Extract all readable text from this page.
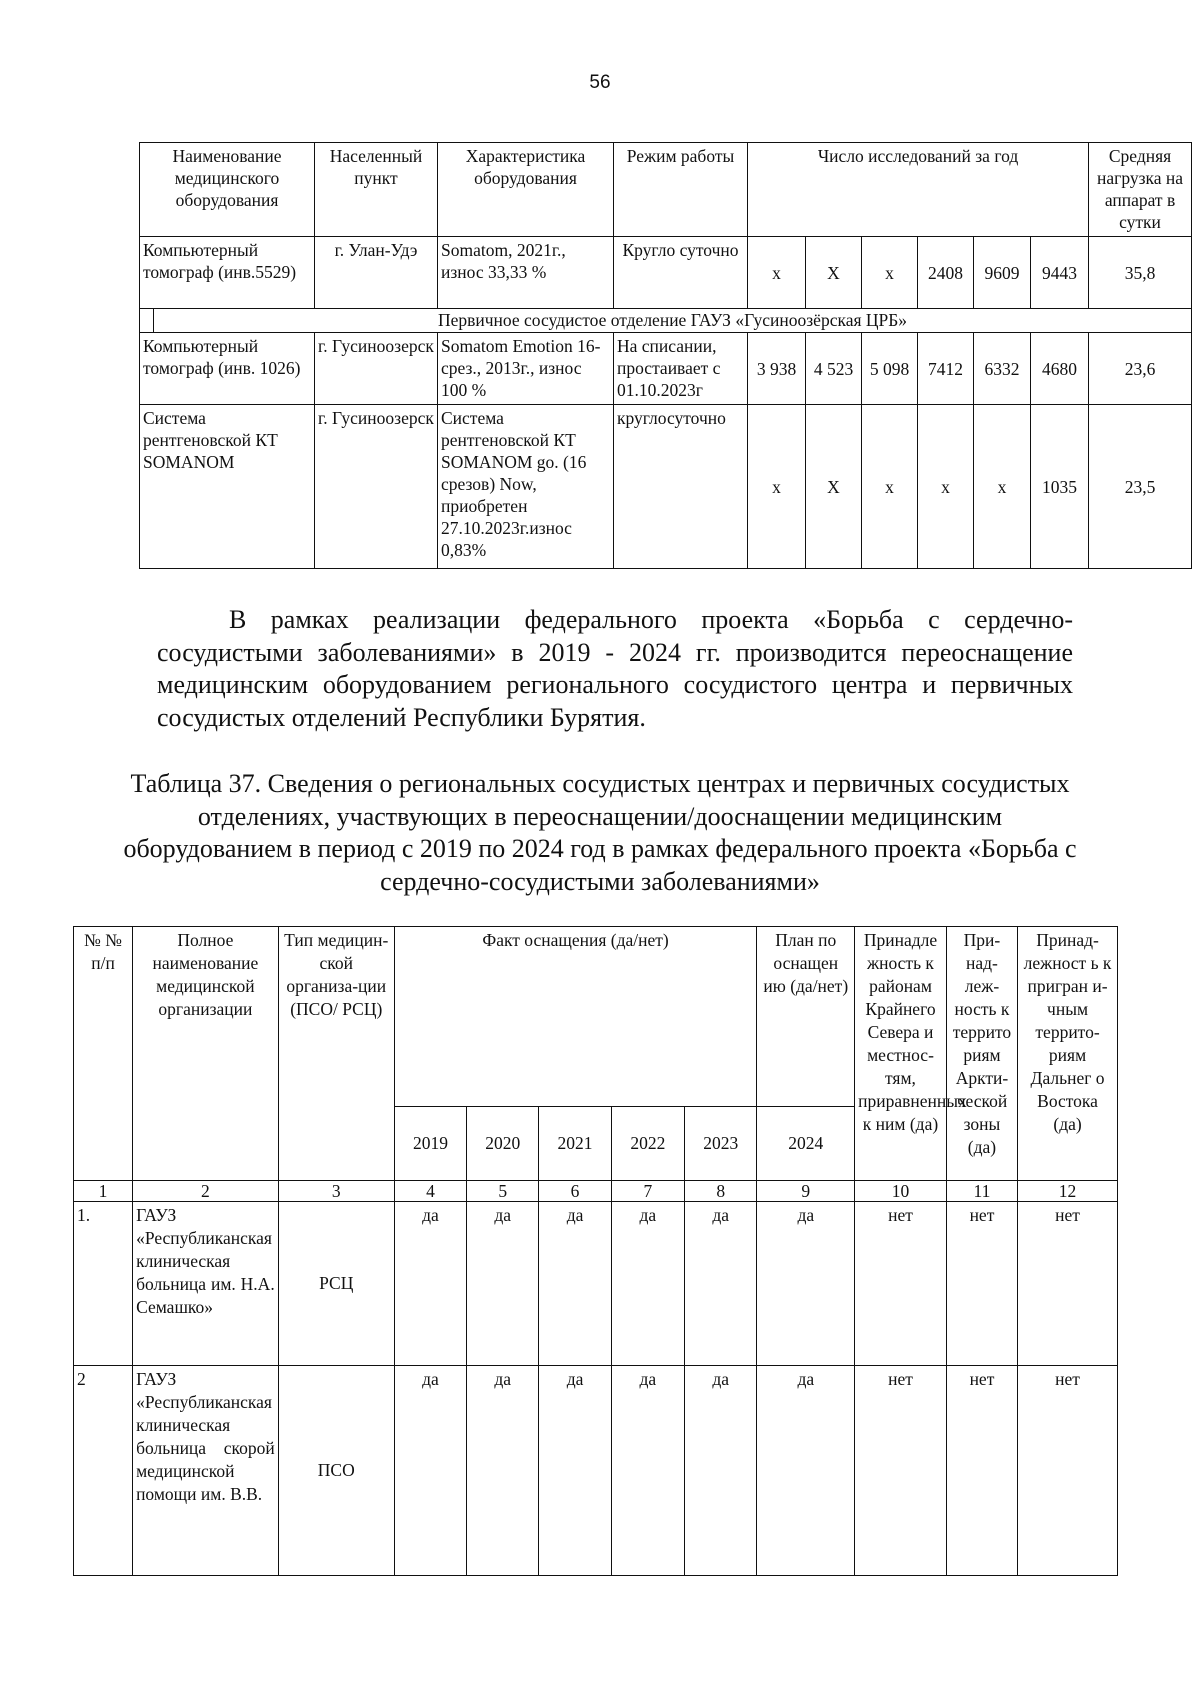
56
Наименование медицинского оборудования		Населенный пункт	Характеристика оборудования	Режим работы	Число исследований за год						Средняя нагрузка на аппарат в сутки
Компьютерный томограф (инв.5529)		г. Улан-Удэ	Somatom, 2021г., износ 33,33 %	Кругло суточно	х	Х	х	2408	9609	9443	35,8
	Первичное сосудистое отделение ГАУЗ «Гусиноозёрская ЦРБ»										
Компьютерный томограф (инв. 1026)		г. Гусиноозерск	Somatom Emotion 16-срез., 2013г., износ 100 %	На списании, простаивает с 01.10.2023г	3 938	4 523	5 098	7412	6332	4680	23,6
Система рентгеновской КТ SOMANOM		г. Гусиноозерск	Система рентгеновской КТ SOMANOM go. (16 срезов) Now, приобретен 27.10.2023г.износ 0,83%	круглосуточно	х	Х	х	х	х	1035	23,5

В рамках реализации федерального проекта «Борьба с сердечно-сосудистыми заболеваниями» в 2019 - 2024 гг. производится переоснащение медицинским оборудованием регионального сосудистого центра и первичных сосудистых отделений Республики Бурятия.

Таблица 37. Сведения о региональных сосудистых центрах и первичных сосудистых отделениях, участвующих в переоснащении/дооснащении медицинским оборудованием в период с 2019 по 2024 год в рамках федерального проекта «Борьба с сердечно-сосудистыми заболеваниями»

№ № п/п	Полное наименование медицинской организации	Тип медицин-ской организа-ции (ПСО/ РСЦ)	Факт оснащения (да/нет)					План по оснащен ию (да/нет)	Принадле жность к районам Крайнего Севера и местнос-тям, приравненных к ним (да)	При-над-леж-ность к террито риям Аркти-ческой зоны (да)	Принад-лежност ь к пригран и-чным террито-риям Дальнег о Востока (да)
			2019	2020	2021	2022	2023	2024			
1	2	3	4	5	6	7	8	9	10	11	12
1.	ГАУЗ «Республиканская клиническая больница им. Н.А. Семашко»	РСЦ	да	да	да	да	да	да	нет	нет	нет
2	ГАУЗ «Республиканская клиническая больница скорой медицинской помощи им. В.В.	ПСО	да	да	да	да	да	да	нет	нет	нет
